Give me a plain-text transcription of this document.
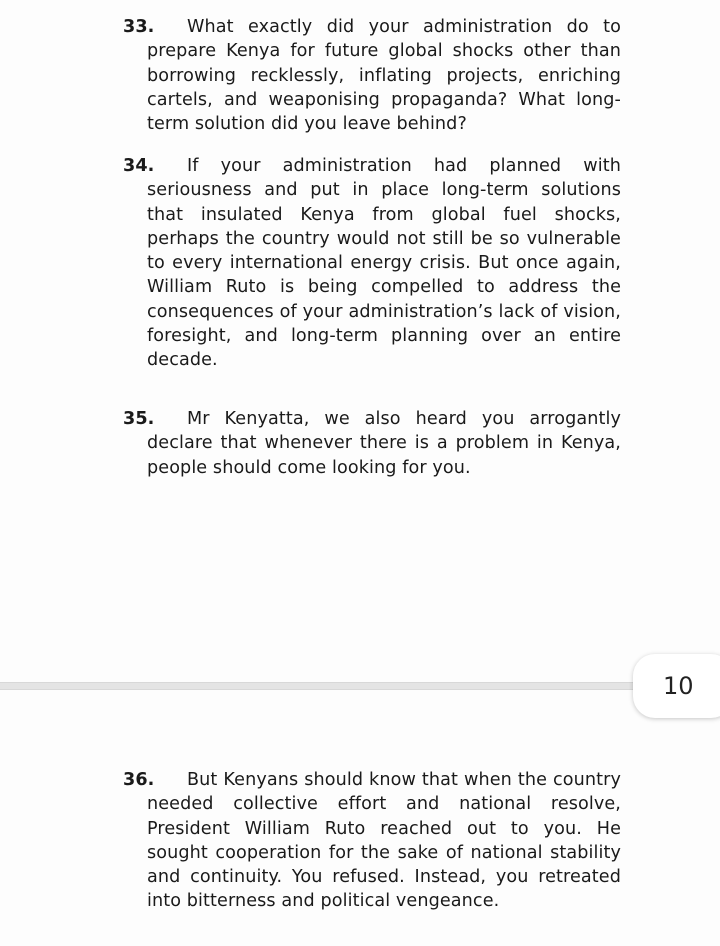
33. What exactly did your administration do to prepare Kenya for future global shocks other than borrowing recklessly, inflating projects, enriching cartels, and weaponising propaganda? What long-term solution did you leave behind?
34. If your administration had planned with seriousness and put in place long-term solutions that insulated Kenya from global fuel shocks, perhaps the country would not still be so vulnerable to every international energy crisis. But once again, William Ruto is being compelled to address the consequences of your administration’s lack of vision, foresight, and long-term planning over an entire decade.
35. Mr Kenyatta, we also heard you arrogantly declare that whenever there is a problem in Kenya, people should come looking for you.
36. But Kenyans should know that when the country needed collective effort and national resolve, President William Ruto reached out to you. He sought cooperation for the sake of national stability and continuity. You refused. Instead, you retreated into bitterness and political vengeance.
10
